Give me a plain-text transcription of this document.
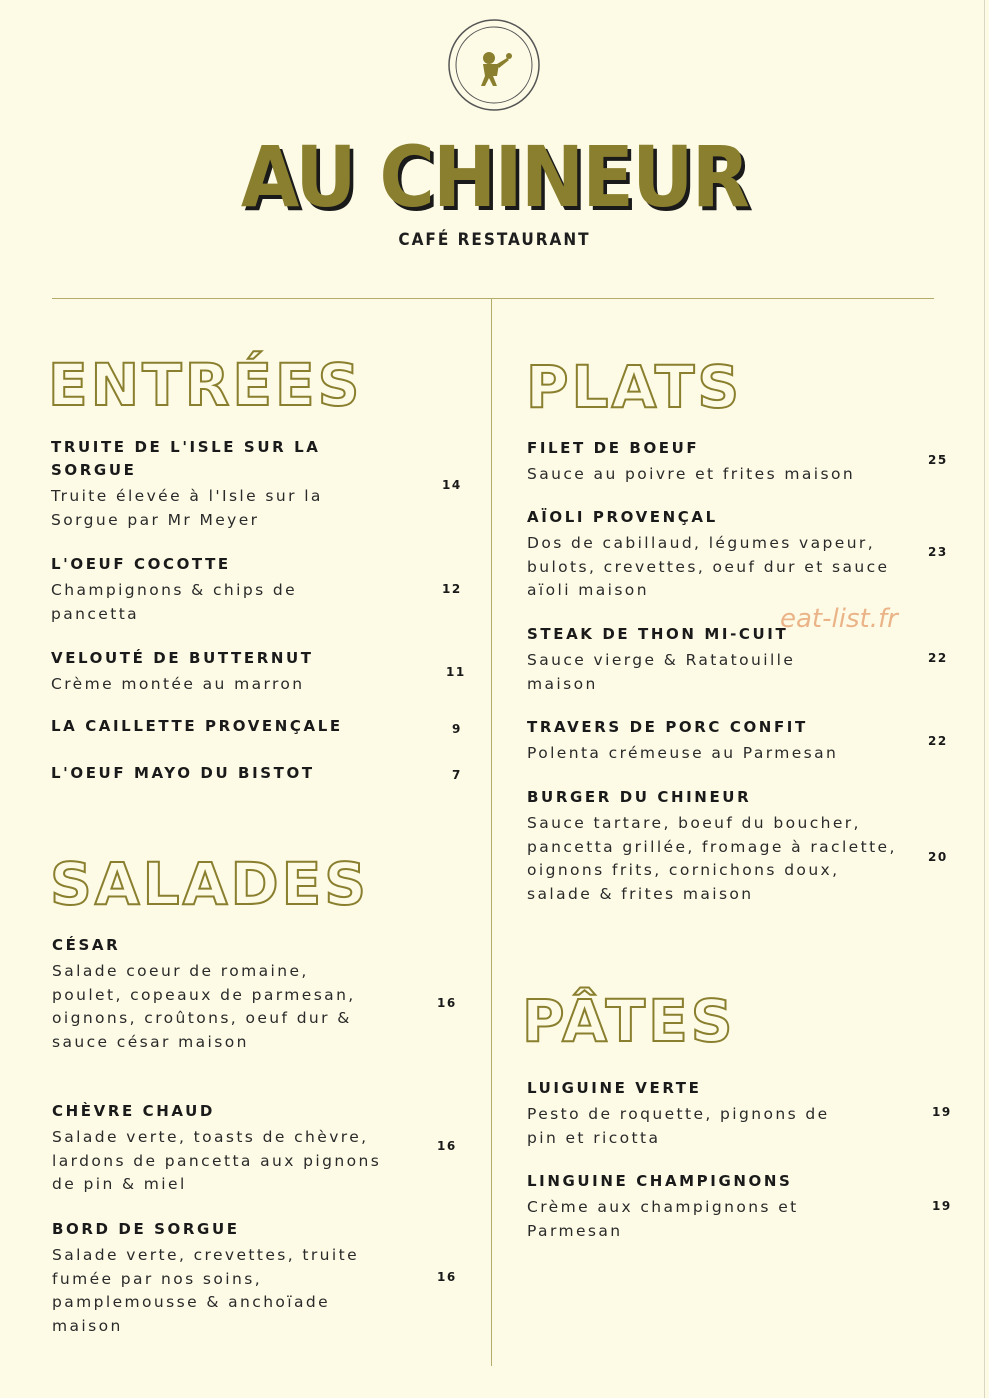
AU CHINEUR
CAFÉ RESTAURANT
ENTRÉES
TRUITE DE L'ISLE SUR LA SORGUE
Truite élevée à l'Isle sur la Sorgue par Mr Meyer
14
L'OEUF COCOTTE
Champignons & chips de pancetta
12
VELOUTÉ DE BUTTERNUT
Crème montée au marron
11
LA CAILLETTE PROVENÇALE	9
L'OEUF MAYO DU BISTOT	7
SALADES
CÉSAR
Salade coeur de romaine, poulet, copeaux de parmesan, oignons, croûtons, oeuf dur & sauce césar maison
16
CHÈVRE CHAUD
Salade verte, toasts de chèvre, lardons de pancetta aux pignons de pin & miel
16
BORD DE SORGUE
Salade verte, crevettes, truite fumée par nos soins, pamplemousse & anchoïade maison
16
PLATS
FILET DE BOEUF
Sauce au poivre et frites maison
25
AÏOLI PROVENÇAL
Dos de cabillaud, légumes vapeur, bulots, crevettes, oeuf dur et sauce aïoli maison
23
STEAK DE THON MI-CUIT
Sauce vierge & Ratatouille maison
22
TRAVERS DE PORC CONFIT
Polenta crémeuse au Parmesan
22
BURGER DU CHINEUR
Sauce tartare, boeuf du boucher, pancetta grillée, fromage à raclette, oignons frits, cornichons doux, salade & frites maison
20
PÂTES
LUIGUINE VERTE
Pesto de roquette, pignons de pin et ricotta
19
LINGUINE CHAMPIGNONS
Crème aux champignons et Parmesan
19
eat-list.fr
